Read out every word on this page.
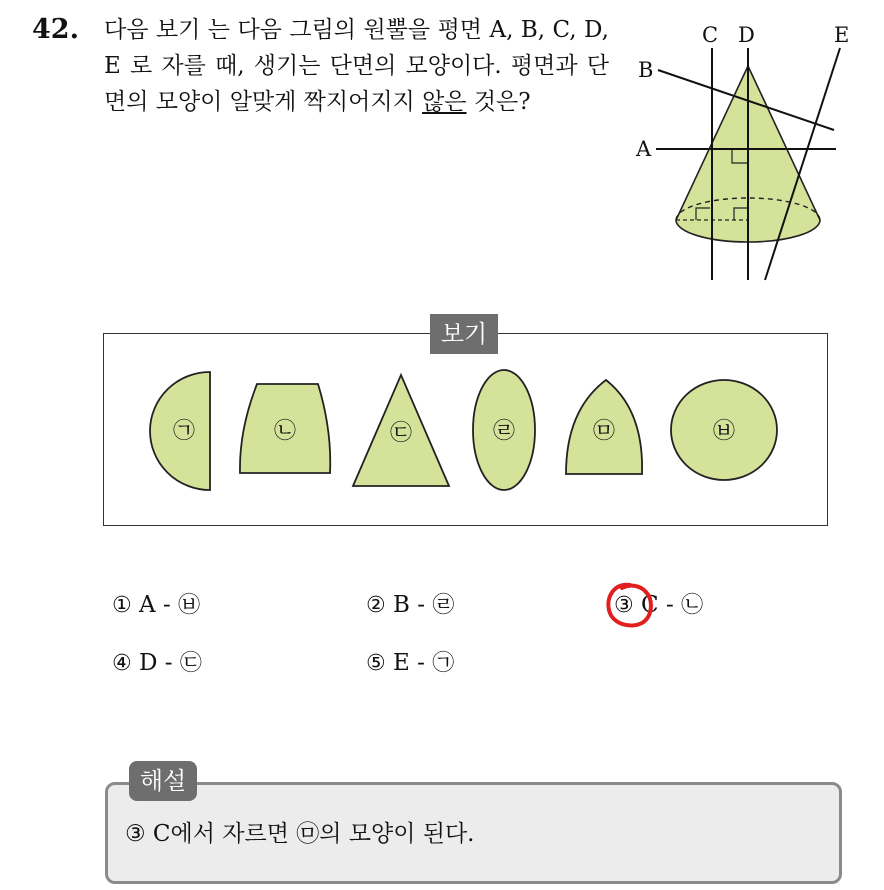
42. 다음 보기 는 다음 그림의 원뿔을 평면 A, B, C, D, E 로 자를 때, 생기는 단면의 모양이다. 평면과 단면의 모양이 알맞게 짝지어지지 않은 것은?
C D	E
B
A
보기
㉠	㉡	㉢	㉣	㉤	㉥
① A - ㉥	② B - ㉣	③ C - ㉡
④ D - ㉢	⑤ E - ㉠
해설
③ C에서 자르면 ㉤의 모양이 된다.
